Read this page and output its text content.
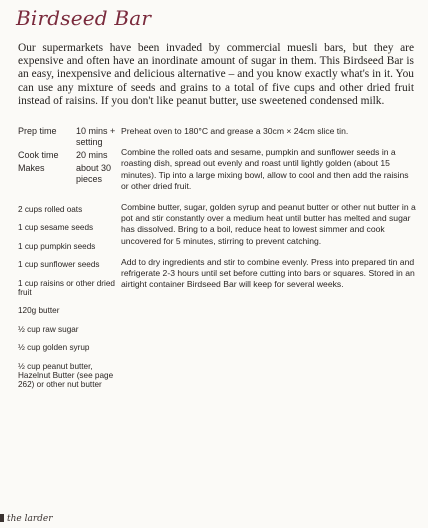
Birdseed Bar
Our supermarkets have been invaded by commercial muesli bars, but they are expensive and often have an inordinate amount of sugar in them. This Birdseed Bar is an easy, inexpensive and delicious alternative – and you know exactly what's in it. You can use any mixture of seeds and grains to a total of five cups and other dried fruit instead of raisins. If you don't like peanut butter, use sweetened condensed milk.
Prep time	10 mins + setting
Cook time	20 mins
Makes	about 30 pieces
2 cups rolled oats
1 cup sesame seeds
1 cup pumpkin seeds
1 cup sunflower seeds
1 cup raisins or other dried fruit
120g butter
½ cup raw sugar
½ cup golden syrup
½ cup peanut butter, Hazelnut Butter (see page 262) or other nut butter
Preheat oven to 180°C and grease a 30cm × 24cm slice tin.
Combine the rolled oats and sesame, pumpkin and sunflower seeds in a roasting dish, spread out evenly and roast until lightly golden (about 15 minutes). Tip into a large mixing bowl, allow to cool and then add the raisins or other dried fruit.
Combine butter, sugar, golden syrup and peanut butter or other nut butter in a pot and stir constantly over a medium heat until butter has melted and sugar has dissolved. Bring to a boil, reduce heat to lowest simmer and cook uncovered for 5 minutes, stirring to prevent catching.
Add to dry ingredients and stir to combine evenly. Press into prepared tin and refrigerate 2-3 hours until set before cutting into bars or squares. Stored in an airtight container Birdseed Bar will keep for several weeks.
the larder
